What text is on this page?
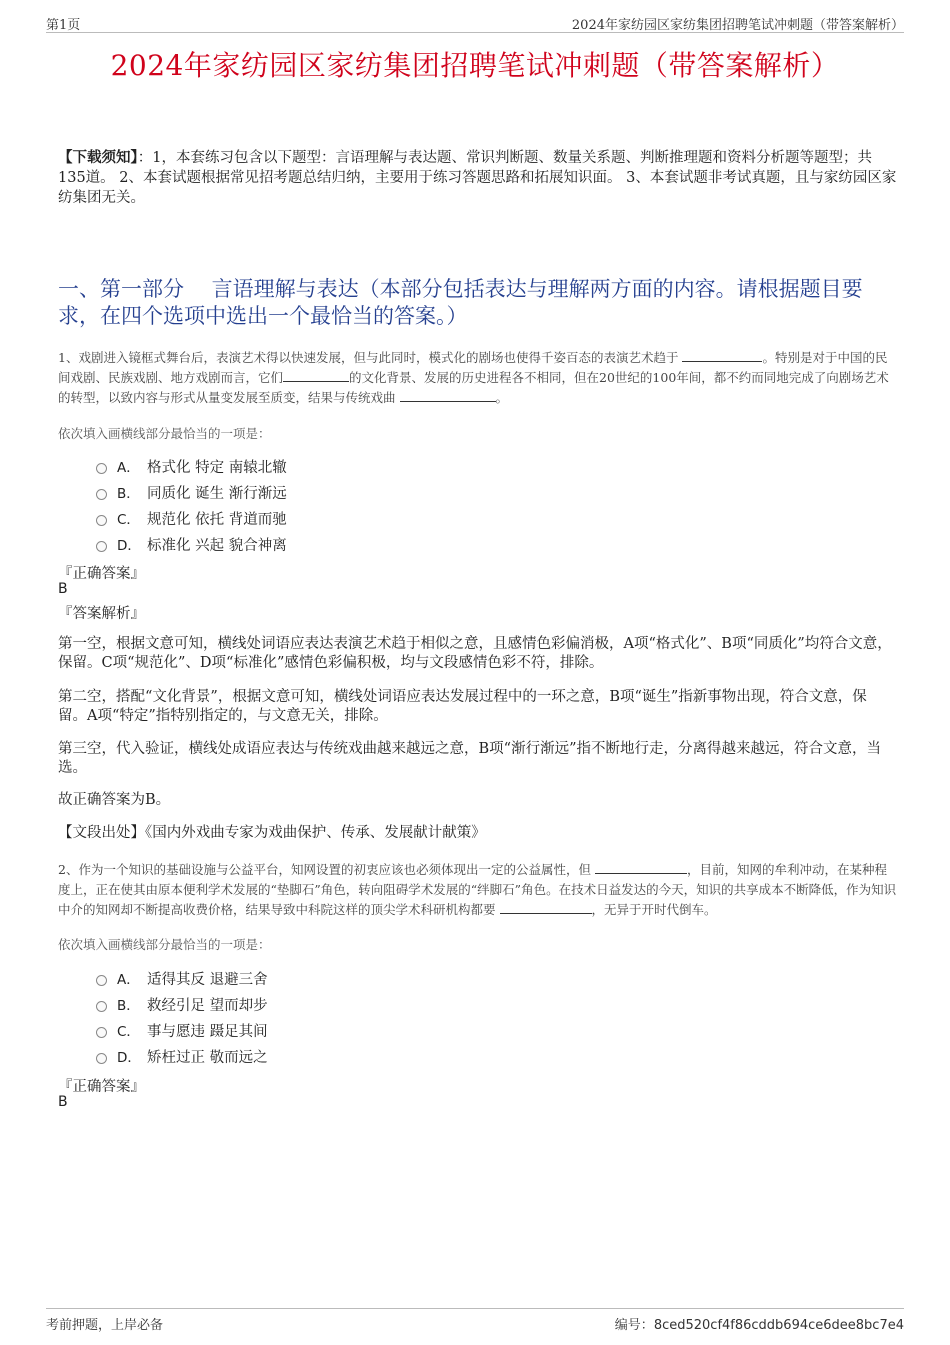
第1页	2024年家纺园区家纺集团招聘笔试冲刺题（带答案解析）
2024年家纺园区家纺集团招聘笔试冲刺题（带答案解析）
【下载须知】：1，本套练习包含以下题型：言语理解与表达题、常识判断题、数量关系题、判断推理题和资料分析题等题型；共135道。 2、本套试题根据常见招考题总结归纳，主要用于练习答题思路和拓展知识面。 3、本套试题非考试真题，且与家纺园区家纺集团无关。
一、第一部分　 言语理解与表达（本部分包括表达与理解两方面的内容。请根据题目要求，在四个选项中选出一个最恰当的答案。）
1、戏剧进入镜框式舞台后，表演艺术得以快速发展，但与此同时，模式化的剧场也使得千姿百态的表演艺术趋于	。特别是对于中国的民间戏剧、民族戏剧、地方戏剧而言，它们	的文化背景、发展的历史进程各不相同，但在20世纪的100年间，都不约而同地完成了向剧场艺术的转型，以致内容与形式从量变发展至质变，结果与传统戏曲	。
依次填入画横线部分最恰当的一项是：
A． 格式化 特定 南辕北辙
B． 同质化 诞生 渐行渐远
C． 规范化 依托 背道而驰
D． 标准化 兴起 貌合神离
『正确答案』
B
『答案解析』
第一空，根据文意可知，横线处词语应表达表演艺术趋于相似之意，且感情色彩偏消极，A项“格式化”、B项“同质化”均符合文意，保留。C项“规范化”、D项“标准化”感情色彩偏积极，均与文段感情色彩不符，排除。
第二空，搭配“文化背景”，根据文意可知，横线处词语应表达发展过程中的一环之意，B项“诞生”指新事物出现，符合文意，保留。A项“特定”指特别指定的，与文意无关，排除。
第三空，代入验证，横线处成语应表达与传统戏曲越来越远之意，B项“渐行渐远”指不断地行走，分离得越来越远，符合文意，当选。
故正确答案为B。
【文段出处】《国内外戏曲专家为戏曲保护、传承、发展献计献策》
2、作为一个知识的基础设施与公益平台，知网设置的初衷应该也必须体现出一定的公益属性，但	，目前，知网的牟利冲动，在某种程度上，正在使其由原本便利学术发展的“垫脚石”角色，转向阻碍学术发展的“绊脚石”角色。在技术日益发达的今天，知识的共享成本不断降低，作为知识中介的知网却不断提高收费价格，结果导致中科院这样的顶尖学术科研机构都要	，无异于开时代倒车。
依次填入画横线部分最恰当的一项是：
A． 适得其反 退避三舍
B． 救经引足 望而却步
C． 事与愿违 蹑足其间
D． 矫枉过正 敬而远之
『正确答案』
B
考前押题，上岸必备	编号：8ced520cf4f86cddb694ce6dee8bc7e4
